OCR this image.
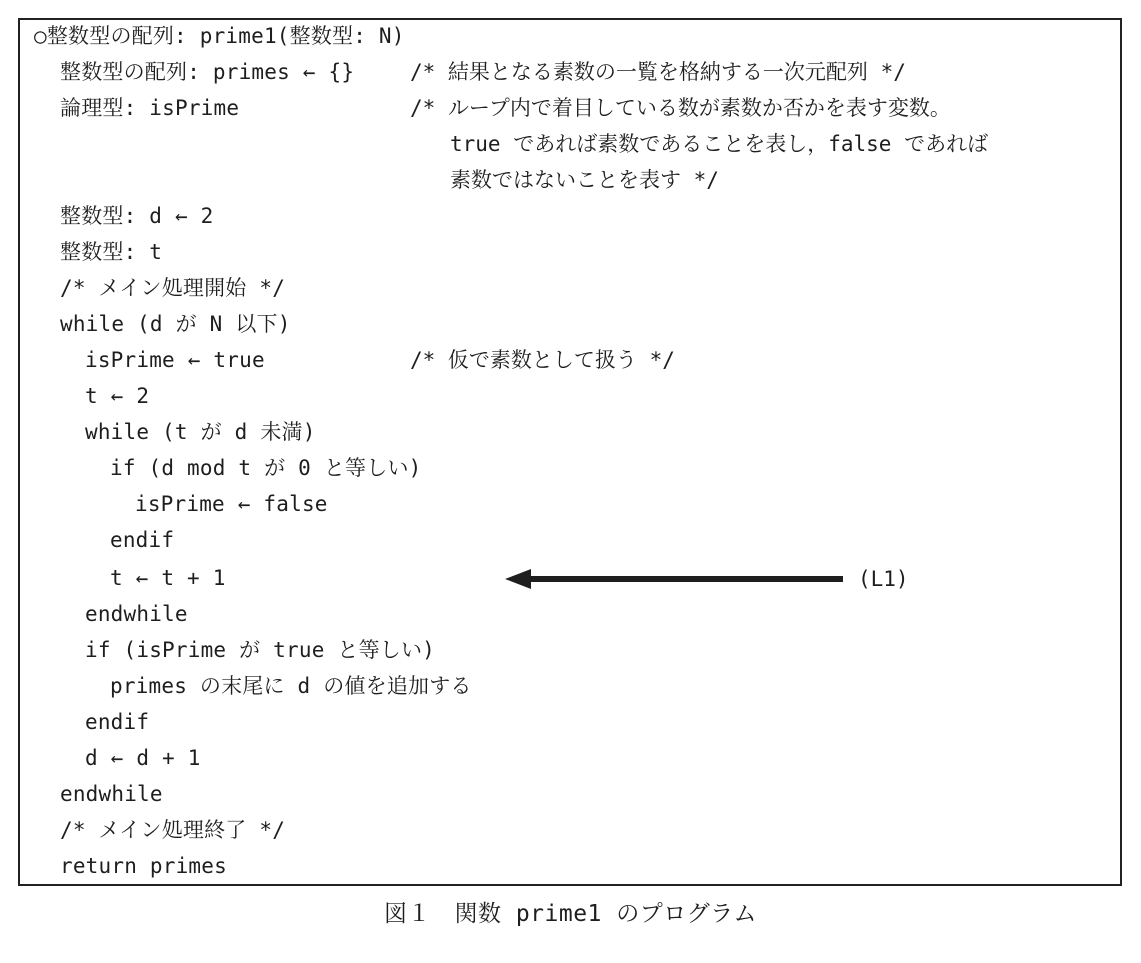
○整数型の配列: prime1(整数型: N)
整数型の配列: primes ← {}	/* 結果となる素数の一覧を格納する一次元配列 */
論理型: isPrime	/* ループ内で着目している数が素数か否かを表す変数。
true であれば素数であることを表し，false であれば
素数ではないことを表す */
整数型: d ← 2
整数型: t
/* メイン処理開始 */
while (d が N 以下)
isPrime ← true	/* 仮で素数として扱う */
t ← 2
while (t が d 未満)
if (d mod t が 0 と等しい)
isPrime ← false
endif
t ← t + 1	(L1)
endwhile
if (isPrime が true と等しい)
primes の末尾に d の値を追加する
endif
d ← d + 1
endwhile
/* メイン処理終了 */
return primes
図１　関数 prime1 のプログラム
